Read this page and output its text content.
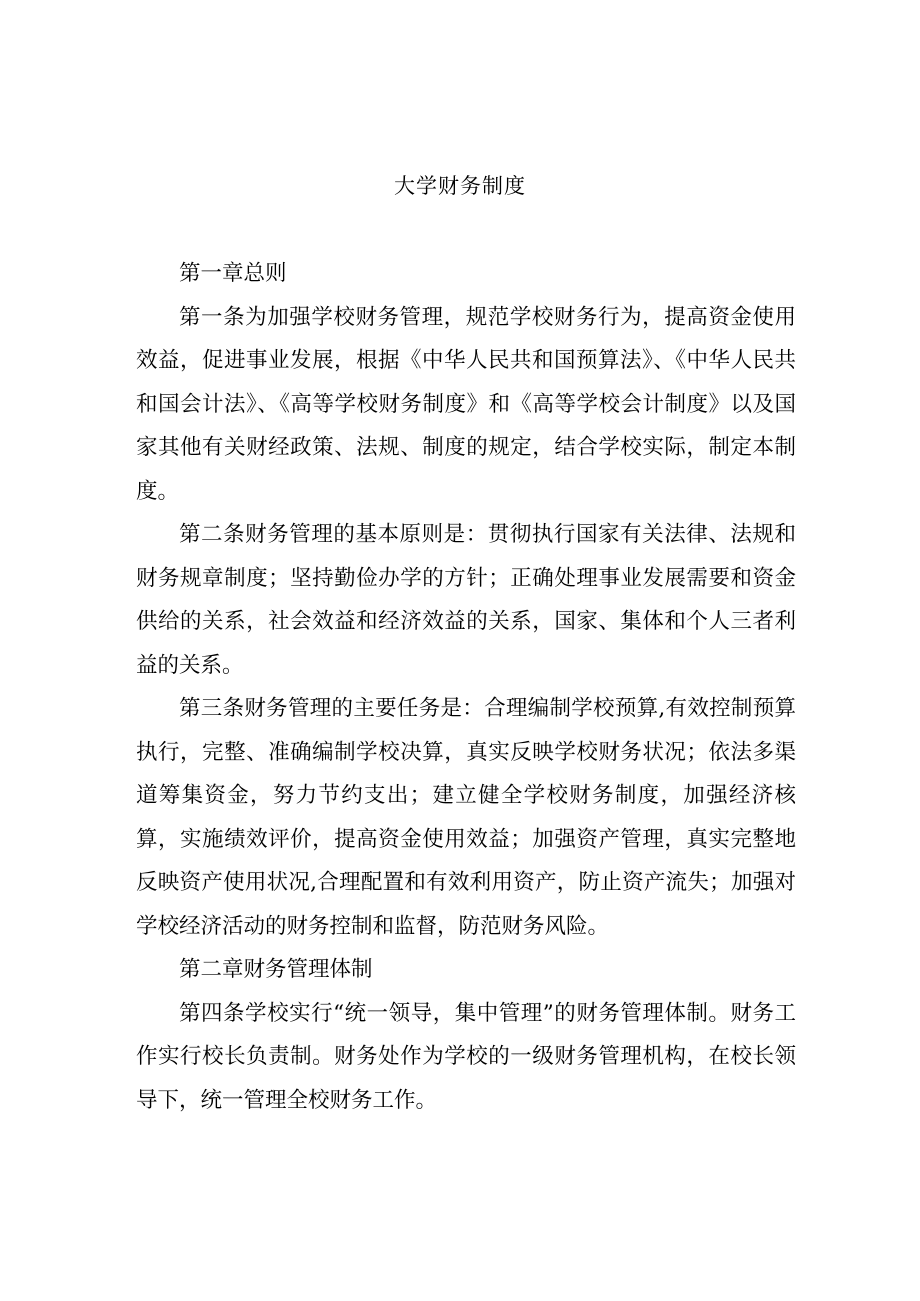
大学财务制度

第一章总则

第一条为加强学校财务管理，规范学校财务行为，提高资金使用效益，促进事业发展，根据《中华人民共和国预算法》、《中华人民共和国会计法》、《高等学校财务制度》和《高等学校会计制度》以及国家其他有关财经政策、法规、制度的规定，结合学校实际，制定本制度。

第二条财务管理的基本原则是：贯彻执行国家有关法律、法规和财务规章制度；坚持勤俭办学的方针；正确处理事业发展需要和资金供给的关系，社会效益和经济效益的关系，国家、集体和个人三者利益的关系。

第三条财务管理的主要任务是：合理编制学校预算,有效控制预算执行，完整、准确编制学校决算，真实反映学校财务状况；依法多渠道筹集资金，努力节约支出；建立健全学校财务制度，加强经济核算，实施绩效评价，提高资金使用效益；加强资产管理，真实完整地反映资产使用状况,合理配置和有效利用资产，防止资产流失；加强对学校经济活动的财务控制和监督，防范财务风险。

第二章财务管理体制

第四条学校实行“统一领导，集中管理”的财务管理体制。财务工作实行校长负责制。财务处作为学校的一级财务管理机构，在校长领导下，统一管理全校财务工作。
